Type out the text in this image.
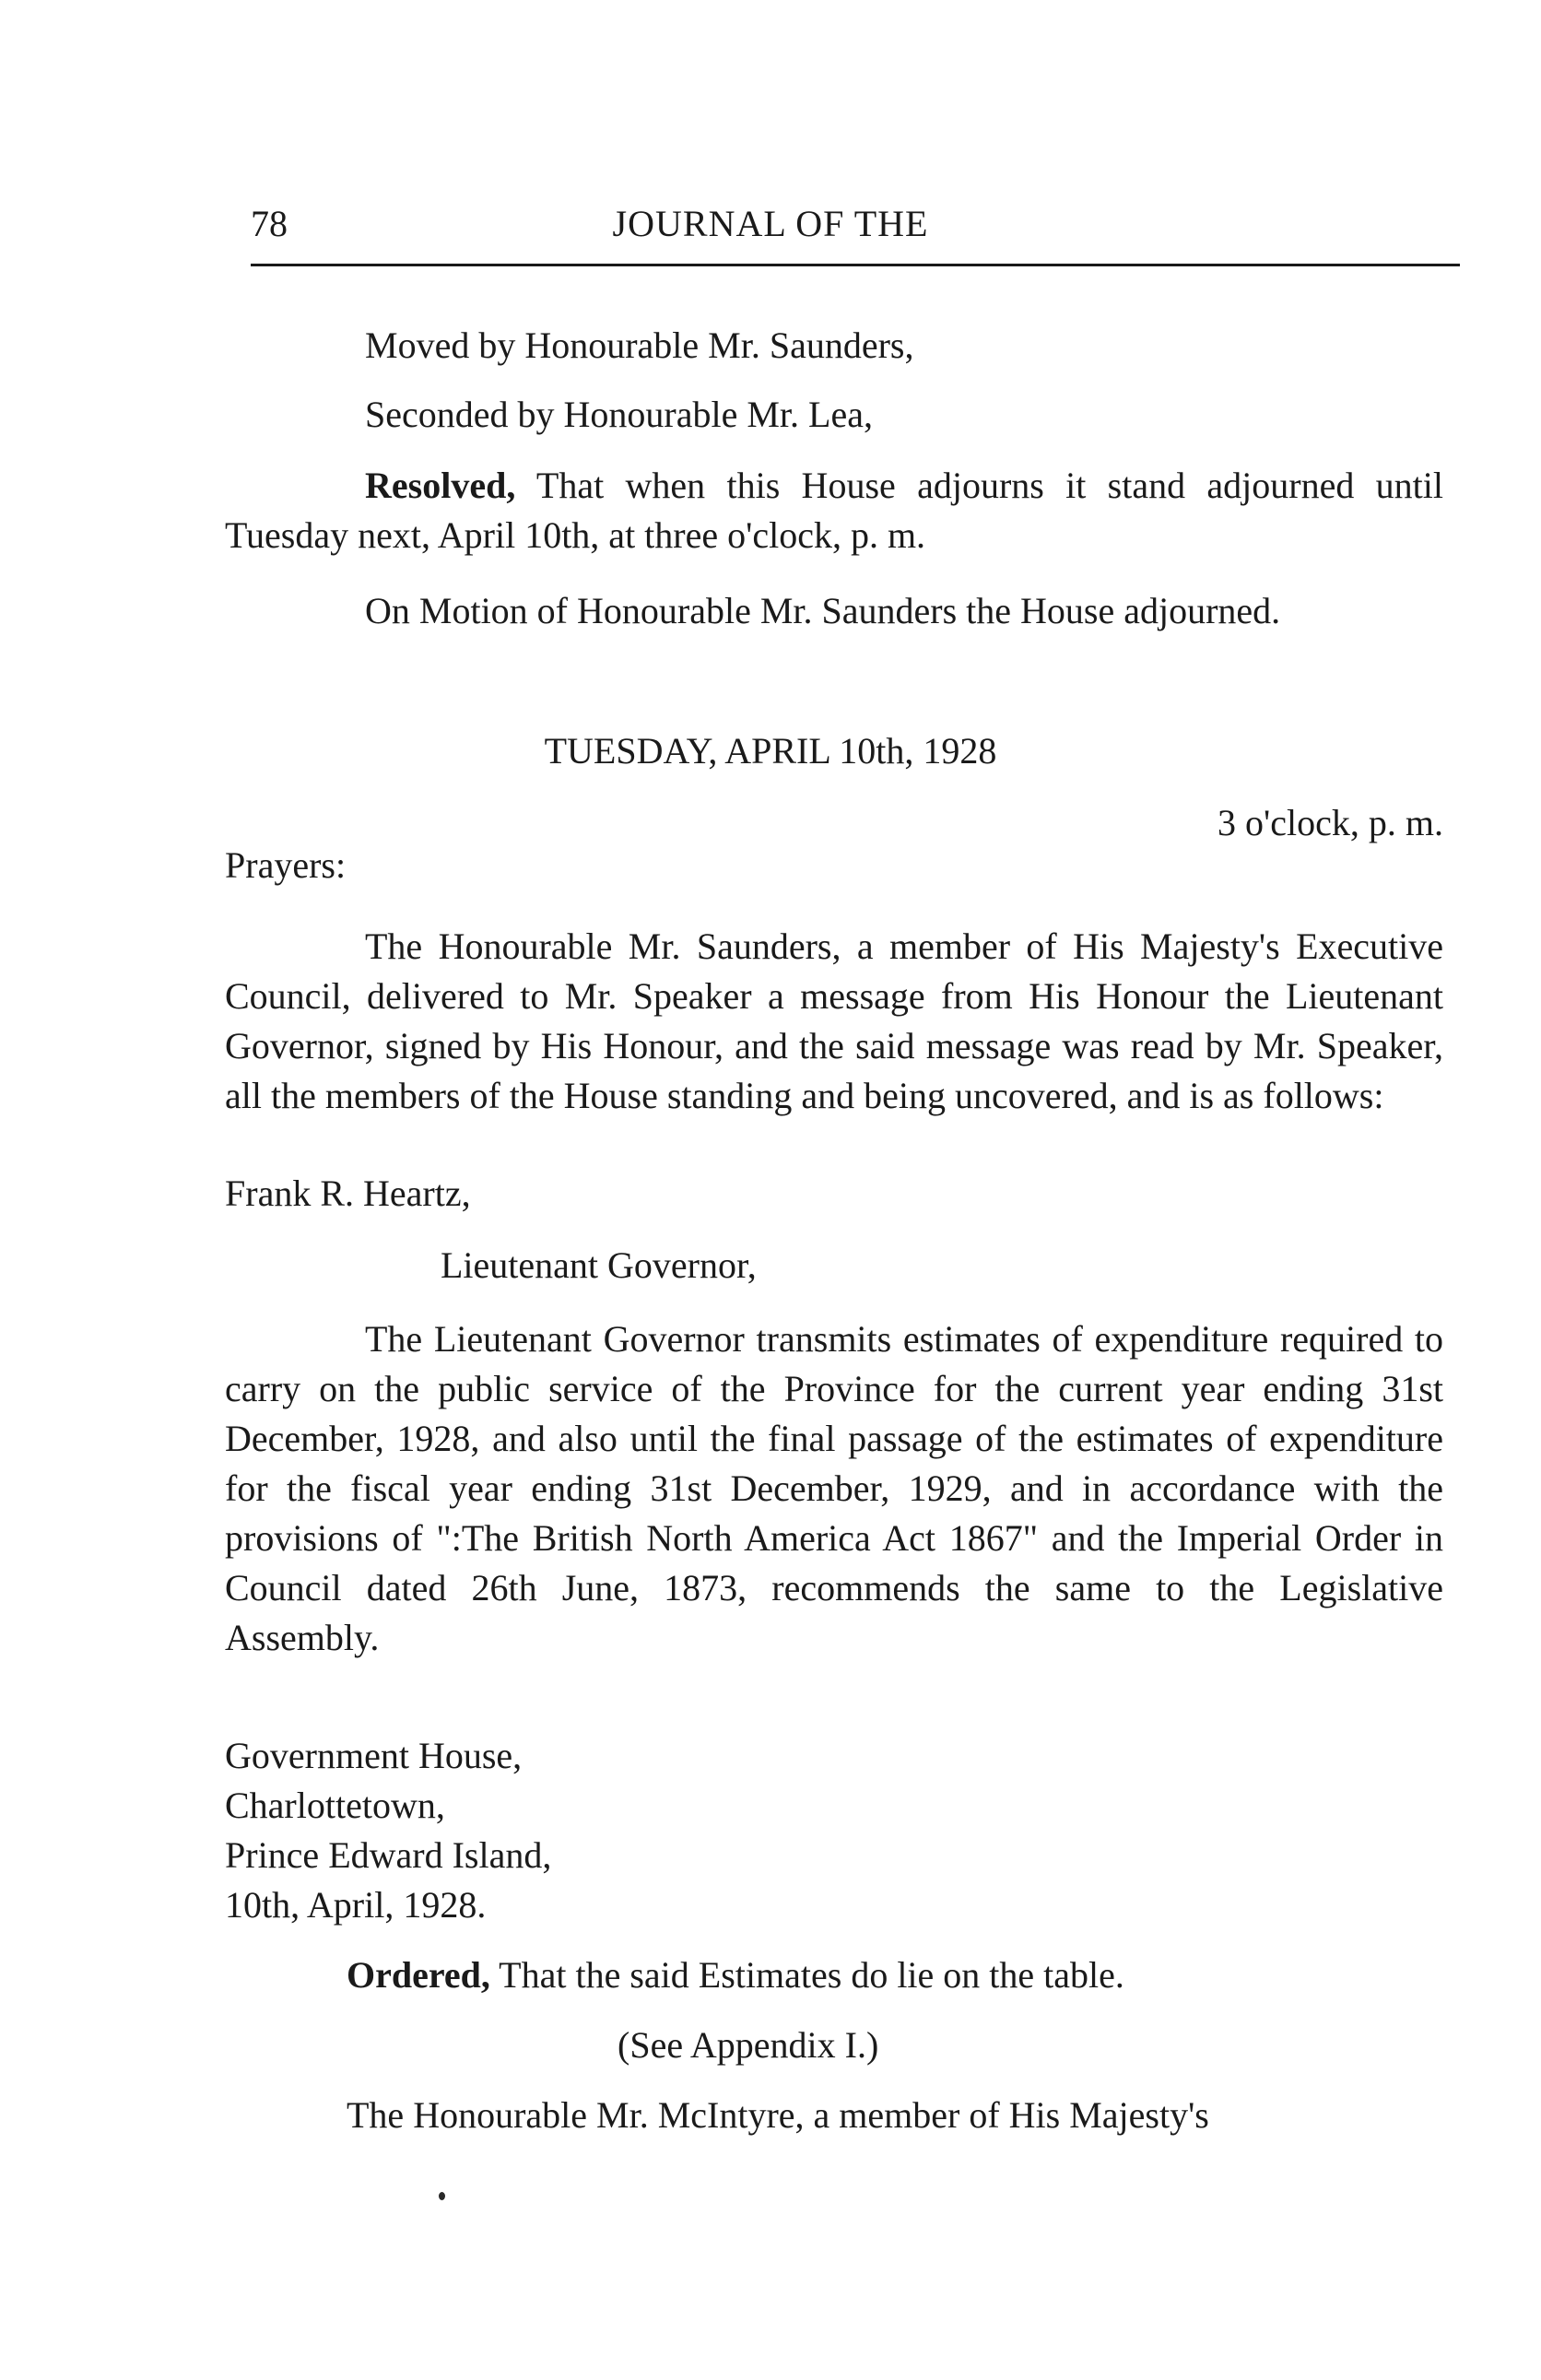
78	JOURNAL OF THE
Moved by Honourable Mr. Saunders,
Seconded by Honourable Mr. Lea,
Resolved, That when this House adjourns it stand adjourned until Tuesday next, April 10th, at three o'clock, p. m.
On Motion of Honourable Mr. Saunders the House adjourned.
TUESDAY, APRIL 10th, 1928
3 o'clock, p. m.
Prayers:
The Honourable Mr. Saunders, a member of His Majesty's Executive Council, delivered to Mr. Speaker a message from His Honour the Lieutenant Governor, signed by His Honour, and the said message was read by Mr. Speaker, all the members of the House standing and being uncovered, and is as follows:
Frank R. Heartz,
Lieutenant Governor,
The Lieutenant Governor transmits estimates of expenditure required to carry on the public service of the Province for the current year ending 31st December, 1928, and also until the final passage of the estimates of expenditure for the fiscal year ending 31st December, 1929, and in accordance with the provisions of ":The British North America Act 1867" and the Imperial Order in Council dated 26th June, 1873, recommends the same to the Legislative Assembly.
Government House,
Charlottetown,
Prince Edward Island,
10th, April, 1928.
Ordered, That the said Estimates do lie on the table.
(See Appendix I.)
The Honourable Mr. McIntyre, a member of His Majesty's
